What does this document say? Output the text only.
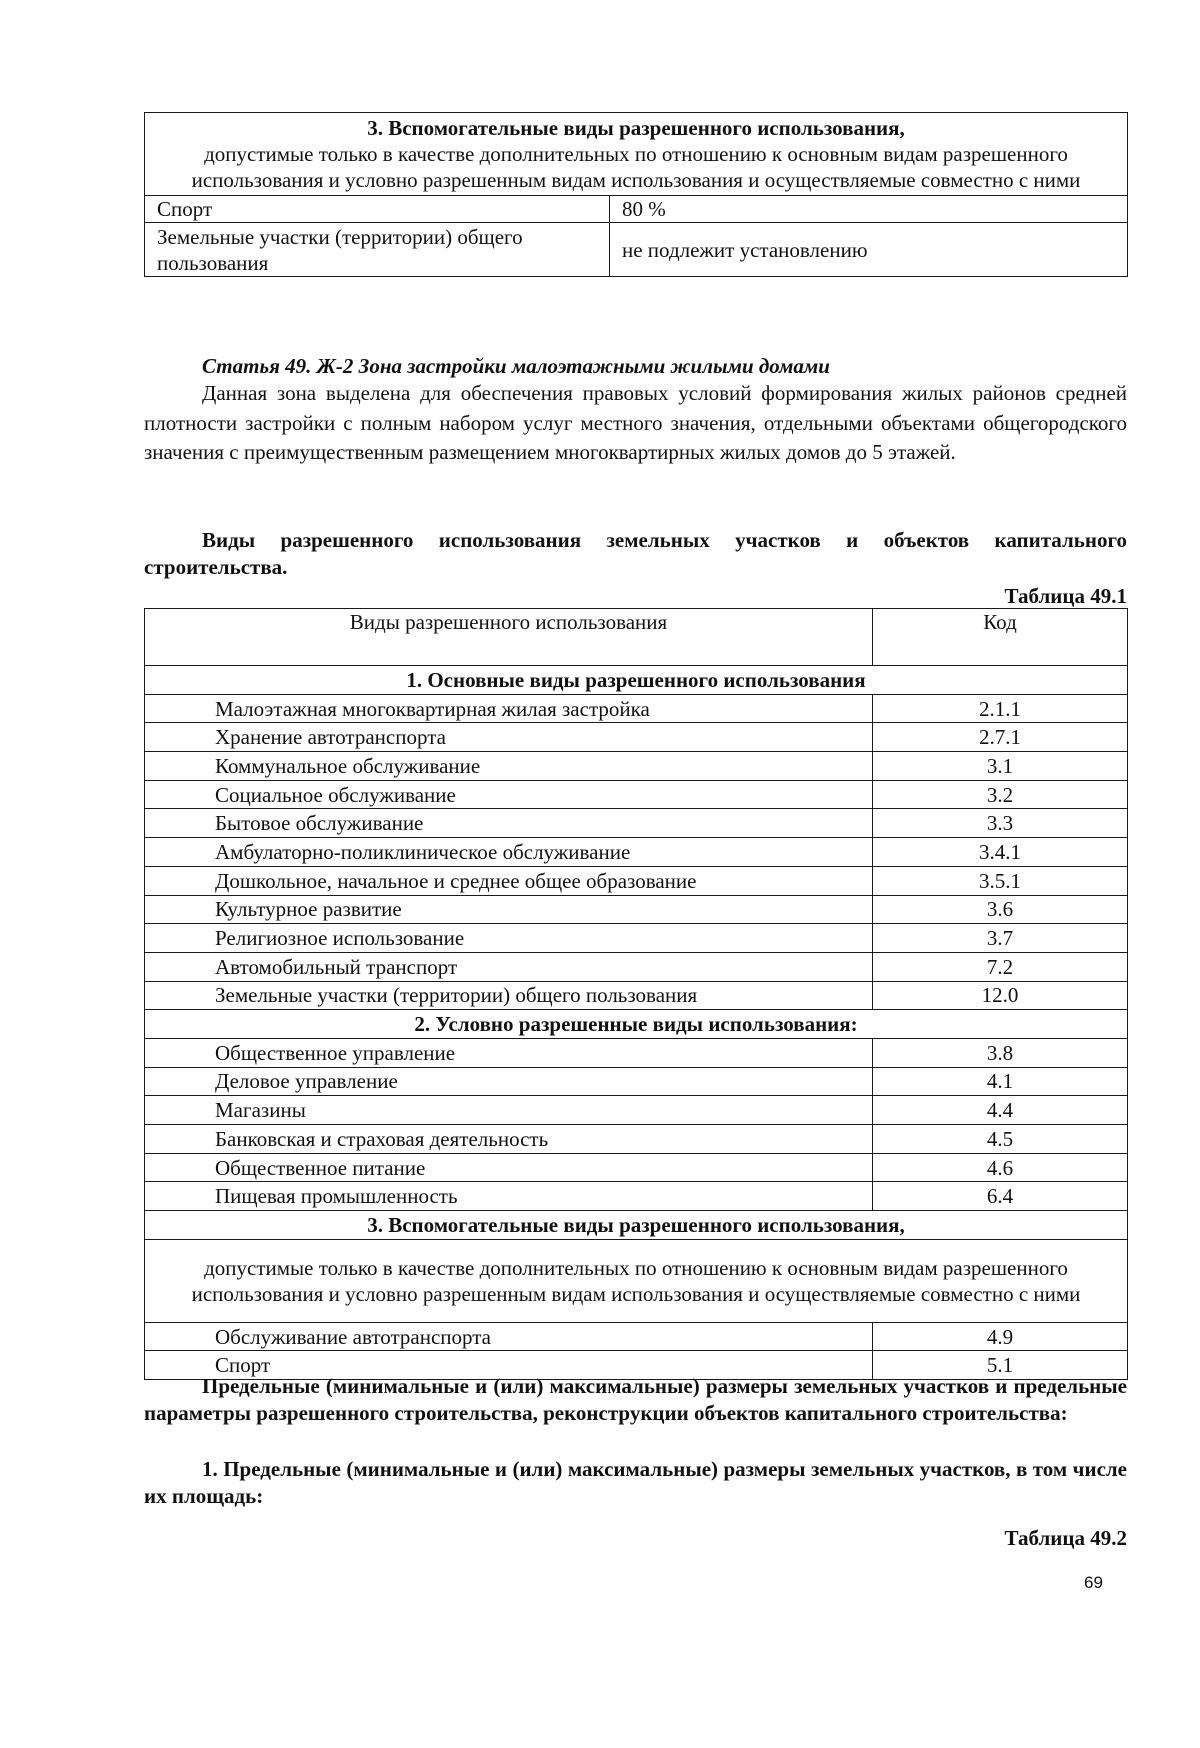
3. Вспомогательные виды разрешенного использования,
допустимые только в качестве дополнительных по отношению к основным видам разрешенного использования и условно разрешенным видам использования и осуществляемые совместно с ними	
Спорт	80 %
Земельные участки (территории) общего пользования	не подлежит установлению
Статья 49. Ж-2 Зона застройки малоэтажными жилыми домами
Данная зона выделена для обеспечения правовых условий формирования жилых районов средней плотности застройки с полным набором услуг местного значения, отдельными объектами общегородского значения с преимущественным размещением многоквартирных жилых домов до 5 этажей.
Виды разрешенного использования земельных участков и объектов капитального строительства.
Таблица 49.1
Виды разрешенного использования	Код
1. Основные виды разрешенного использования	
Малоэтажная многоквартирная жилая застройка	2.1.1
Хранение автотранспорта	2.7.1
Коммунальное обслуживание	3.1
Социальное обслуживание	3.2
Бытовое обслуживание	3.3
Амбулаторно-поликлиническое обслуживание	3.4.1
Дошкольное, начальное и среднее общее образование	3.5.1
Культурное развитие	3.6
Религиозное использование	3.7
Автомобильный транспорт	7.2
Земельные участки (территории) общего пользования	12.0
2. Условно разрешенные виды использования:	
Общественное управление	3.8
Деловое управление	4.1
Магазины	4.4
Банковская и страховая деятельность	4.5
Общественное питание	4.6
Пищевая промышленность	6.4
3. Вспомогательные виды разрешенного использования,	
допустимые только в качестве дополнительных по отношению к основным видам разрешенного использования и условно разрешенным видам использования и осуществляемые совместно с ними	
Обслуживание автотранспорта	4.9
Спорт	5.1
Предельные (минимальные и (или) максимальные) размеры земельных участков и предельные параметры разрешенного строительства, реконструкции объектов капитального строительства:
1. Предельные (минимальные и (или) максимальные) размеры земельных участков, в том числе их площадь:
Таблица 49.2
69
